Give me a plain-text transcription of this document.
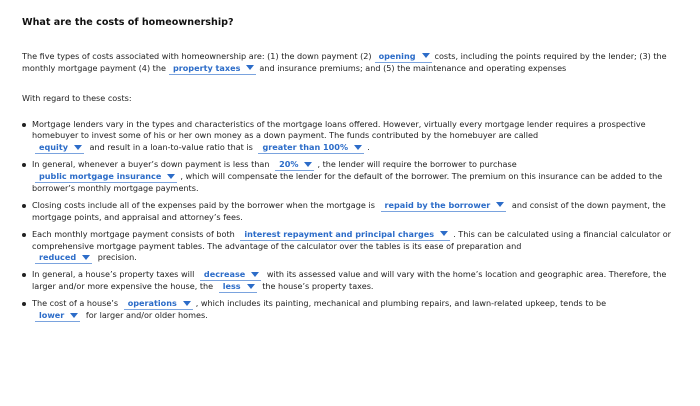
What are the costs of homeownership?

The five types of costs associated with homeownership are: (1) the down payment (2) opening costs, including the points required by the lender; (3) the monthly mortgage payment (4) the property taxes and insurance premiums; and (5) the maintenance and operating expenses

With regard to these costs:
Mortgage lenders vary in the types and characteristics of the mortgage loans offered. However, virtually every mortgage lender requires a prospective homebuyer to invest some of his or her own money as a down payment. The funds contributed by the homebuyer are called
equity	and result in a loan-to-value ratio that is greater than 100% .
In general, whenever a buyer’s down payment is less than 20% , the lender will require the borrower to purchase
public mortgage insurance , which will compensate the lender for the default of the borrower. The premium on this insurance can be added to the borrower’s monthly mortgage payments.
Closing costs include all of the expenses paid by the borrower when the mortgage is repaid by the borrower	and consist of the down payment, the mortgage points, and appraisal and attorney’s fees.
Each monthly mortgage payment consists of both interest repayment and principal charges . This can be calculated using a financial calculator or comprehensive mortgage payment tables. The advantage of the calculator over the tables is its ease of preparation and
reduced	precision.
In general, a house’s property taxes will decrease	with its assessed value and will vary with the home’s location and geographic area. Therefore, the larger and/or more expensive the house, the less	the house’s property taxes.
The cost of a house’s operations , which includes its painting, mechanical and plumbing repairs, and lawn-related upkeep, tends to be
lower	for larger and/or older homes.
